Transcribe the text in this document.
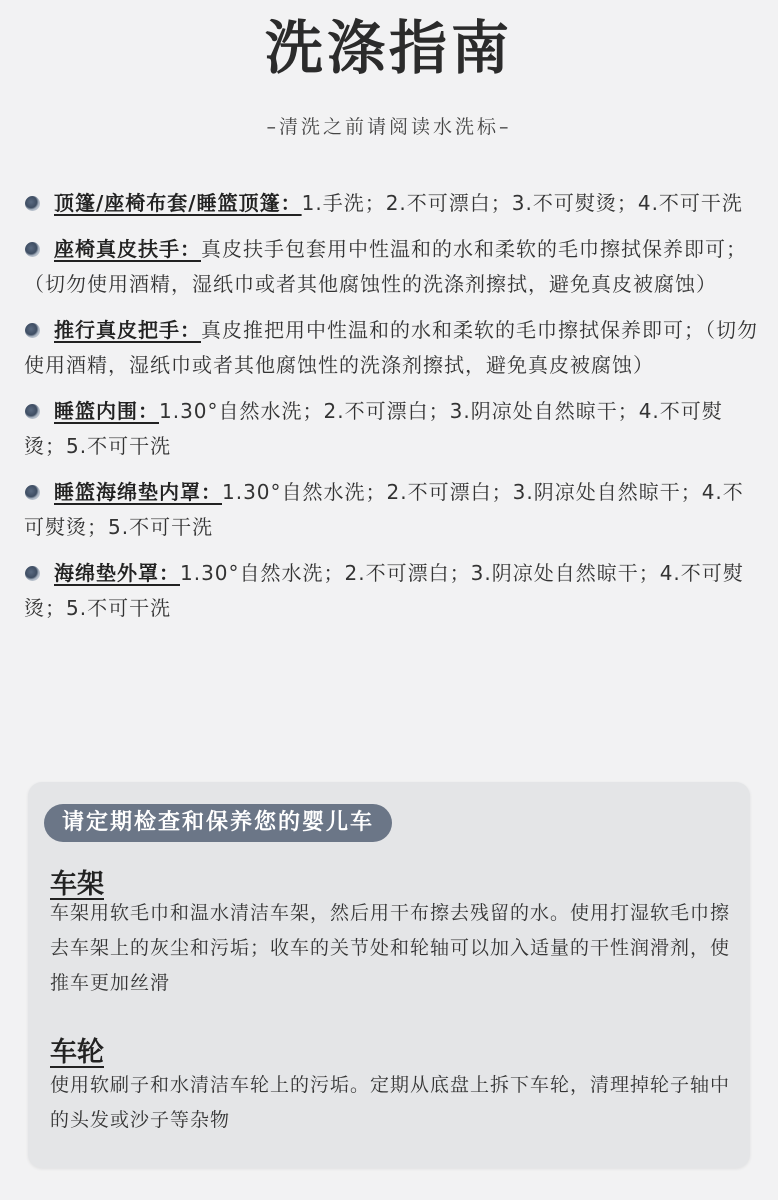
洗涤指南
–清洗之前请阅读水洗标–
顶篷/座椅布套/睡篮顶篷：1.手洗；2.不可漂白；3.不可熨烫；4.不可干洗
座椅真皮扶手：真皮扶手包套用中性温和的水和柔软的毛巾擦拭保养即可；（切勿使用酒精，湿纸巾或者其他腐蚀性的洗涤剂擦拭，避免真皮被腐蚀）
推行真皮把手：真皮推把用中性温和的水和柔软的毛巾擦拭保养即可；（切勿使用酒精，湿纸巾或者其他腐蚀性的洗涤剂擦拭，避免真皮被腐蚀）
睡篮内围：1.30°自然水洗；2.不可漂白；3.阴凉处自然晾干；4.不可熨烫；5.不可干洗
睡篮海绵垫内罩：1.30°自然水洗；2.不可漂白；3.阴凉处自然晾干；4.不可熨烫；5.不可干洗
海绵垫外罩：1.30°自然水洗；2.不可漂白；3.阴凉处自然晾干；4.不可熨烫；5.不可干洗
请定期检查和保养您的婴儿车
车架
车架用软毛巾和温水清洁车架，然后用干布擦去残留的水。使用打湿软毛巾擦去车架上的灰尘和污垢；收车的关节处和轮轴可以加入适量的干性润滑剂，使推车更加丝滑
车轮
使用软刷子和水清洁车轮上的污垢。定期从底盘上拆下车轮，清理掉轮子轴中的头发或沙子等杂物
